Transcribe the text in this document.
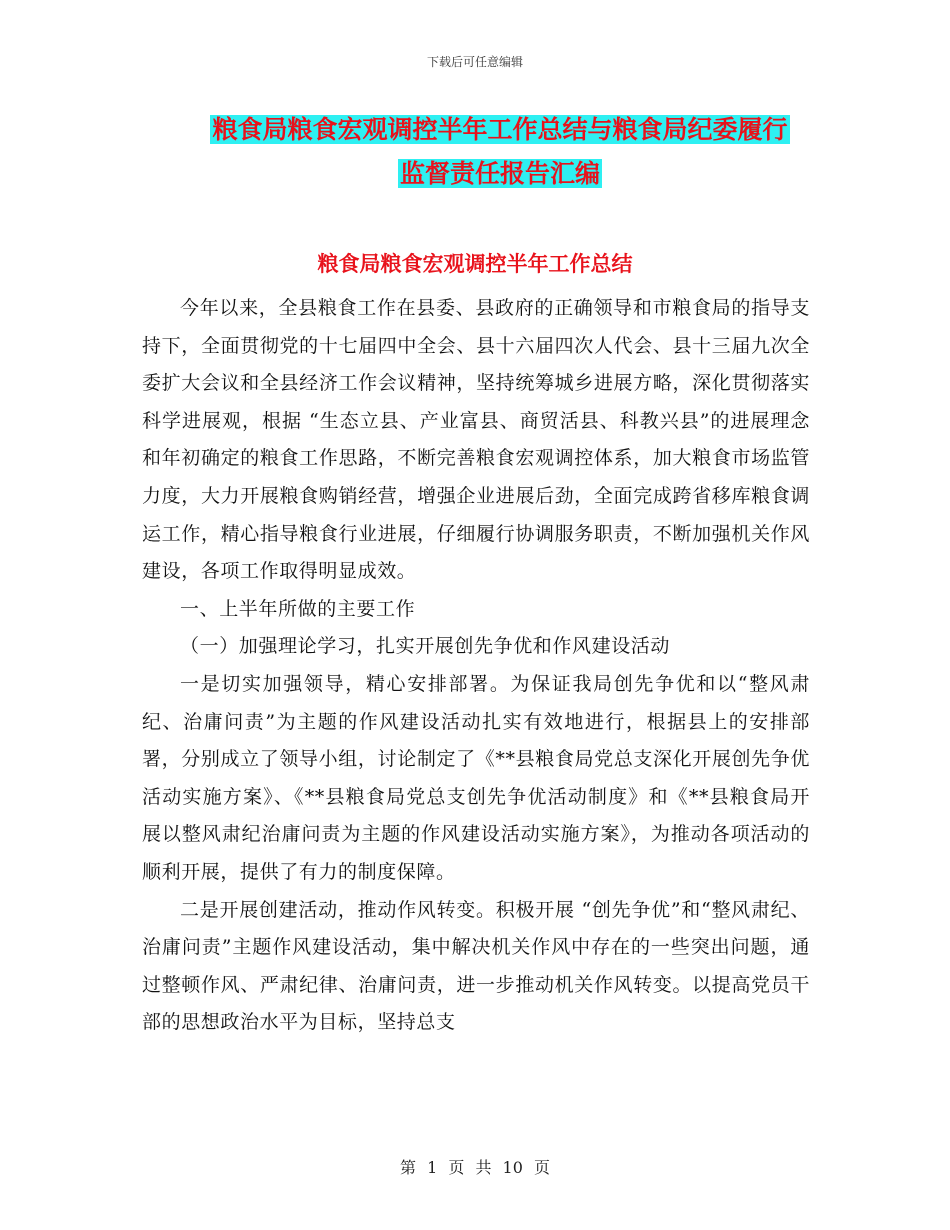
下载后可任意编辑
粮食局粮食宏观调控半年工作总结与粮食局纪委履行
监督责任报告汇编
粮食局粮食宏观调控半年工作总结

今年以来，全县粮食工作在县委、县政府的正确领导和市粮食局的指导支持下，全面贯彻党的十七届四中全会、县十六届四次人代会、县十三届九次全委扩大会议和全县经济工作会议精神，坚持统筹城乡进展方略，深化贯彻落实科学进展观，根据 “生态立县、产业富县、商贸活县、科教兴县”的进展理念和年初确定的粮食工作思路，不断完善粮食宏观调控体系，加大粮食市场监管力度，大力开展粮食购销经营，增强企业进展后劲，全面完成跨省移库粮食调运工作，精心指导粮食行业进展，仔细履行协调服务职责，不断加强机关作风建设，各项工作取得明显成效。

一、上半年所做的主要工作

（一）加强理论学习，扎实开展创先争优和作风建设活动

一是切实加强领导，精心安排部署。为保证我局创先争优和以“整风肃纪、治庸问责”为主题的作风建设活动扎实有效地进行，根据县上的安排部署，分别成立了领导小组，讨论制定了《**县粮食局党总支深化开展创先争优活动实施方案》、《**县粮食局党总支创先争优活动制度》和《**县粮食局开展以整风肃纪治庸问责为主题的作风建设活动实施方案》，为推动各项活动的顺利开展，提供了有力的制度保障。

二是开展创建活动，推动作风转变。积极开展 “创先争优”和“整风肃纪、治庸问责”主题作风建设活动，集中解决机关作风中存在的一些突出问题，通过整顿作风、严肃纪律、治庸问责，进一步推动机关作风转变。以提高党员干部的思想政治水平为目标，坚持总支

第 1 页 共 10 页
